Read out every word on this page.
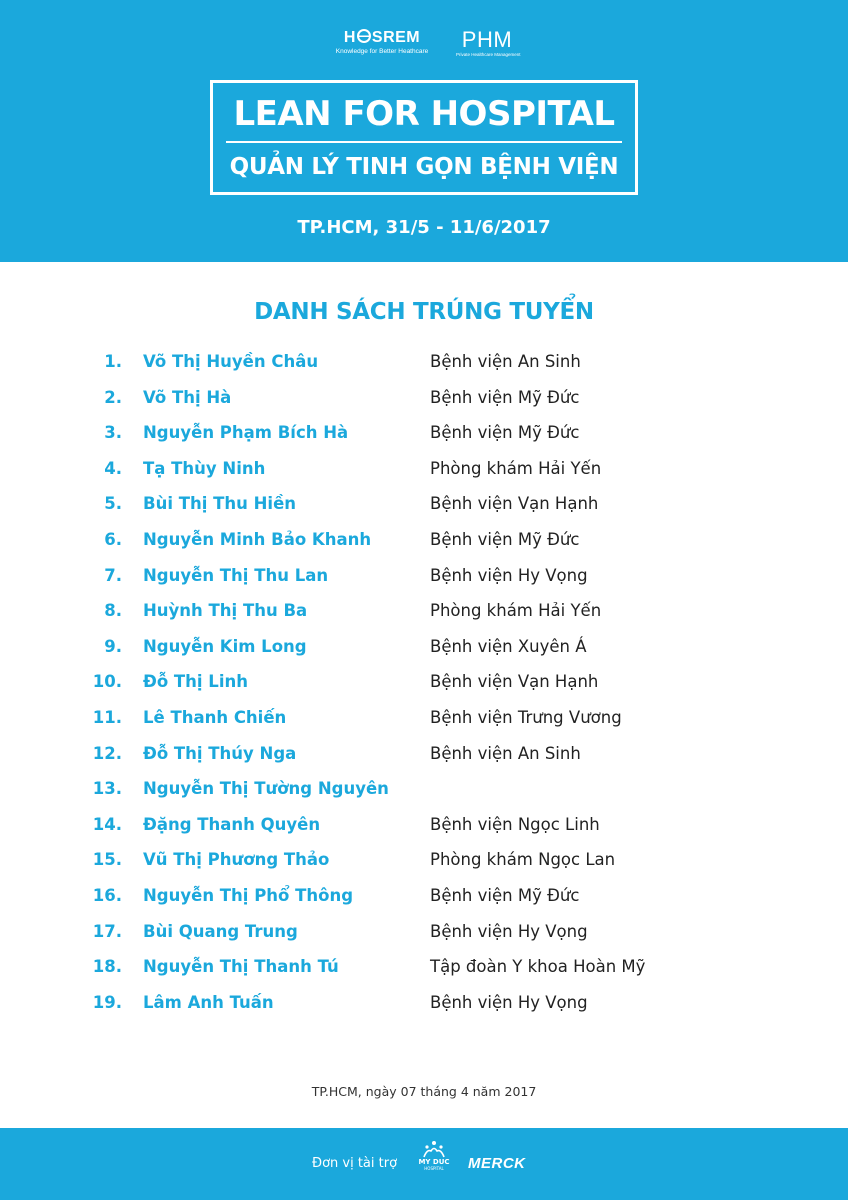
H SREM
Knowledge for Better Heathcare PHM
Private Healthcare Management
LEAN FOR HOSPITAL
QUẢN LÝ TINH GỌN BỆNH VIỆN
TP.HCM, 31/5 - 11/6/2017
DANH SÁCH TRÚNG TUYỂN
1. Võ Thị Huyền Châu	Bệnh viện An Sinh
2. Võ Thị Hà	Bệnh viện Mỹ Đức
3. Nguyễn Phạm Bích Hà	Bệnh viện Mỹ Đức
4. Tạ Thùy Ninh	Phòng khám Hải Yến
5. Bùi Thị Thu Hiền	Bệnh viện Vạn Hạnh
6. Nguyễn Minh Bảo Khanh	Bệnh viện Mỹ Đức
7. Nguyễn Thị Thu Lan	Bệnh viện Hy Vọng
8. Huỳnh Thị Thu Ba	Phòng khám Hải Yến
9. Nguyễn Kim Long	Bệnh viện Xuyên Á
10. Đỗ Thị Linh	Bệnh viện Vạn Hạnh
11. Lê Thanh Chiến	Bệnh viện Trưng Vương
12. Đỗ Thị Thúy Nga	Bệnh viện An Sinh
13. Nguyễn Thị Tường Nguyên
14. Đặng Thanh Quyên	Bệnh viện Ngọc Linh
15. Vũ Thị Phương Thảo	Phòng khám Ngọc Lan
16. Nguyễn Thị Phổ Thông	Bệnh viện Mỹ Đức
17. Bùi Quang Trung	Bệnh viện Hy Vọng
18. Nguyễn Thị Thanh Tú	Tập đoàn Y khoa Hoàn Mỹ
19. Lâm Anh Tuấn	Bệnh viện Hy Vọng
TP.HCM, ngày 07 tháng 4 năm 2017
Đơn vị tài trợ	MY DUC
HOSPITAL MERCK
